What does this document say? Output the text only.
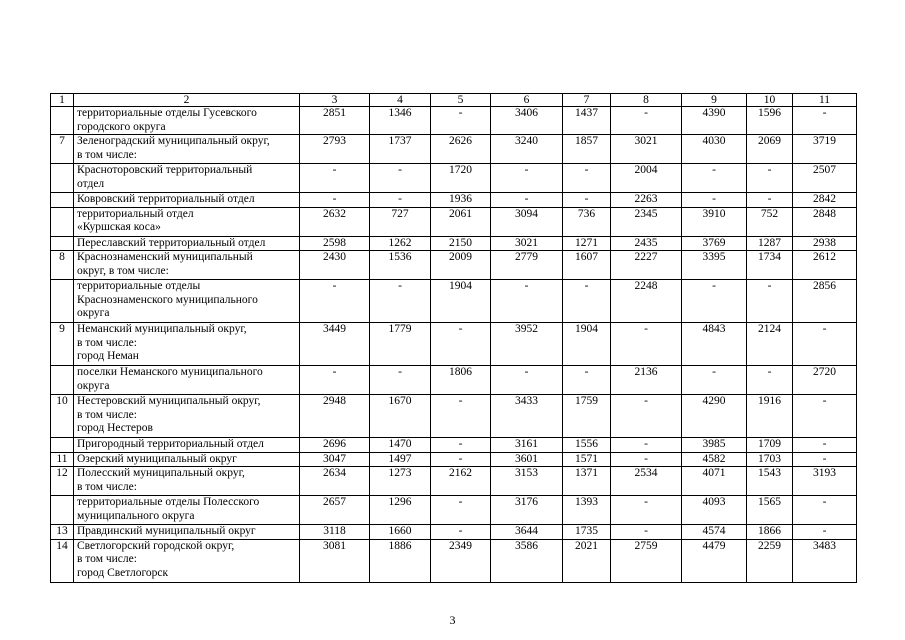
1	2	3	4	5	6	7	8	9	10	11
	территориальные отделы Гусевского
городского округа	2851	1346	-	3406	1437	-	4390	1596	-
7	Зеленоградский муниципальный округ,
в том числе:	2793	1737	2626	3240	1857	3021	4030	2069	3719
	Красноторовский территориальный
отдел	-	-	1720	-	-	2004	-	-	2507
	Ковровский территориальный отдел	-	-	1936	-	-	2263	-	-	2842
	территориальный отдел
«Куршская коса»	2632	727	2061	3094	736	2345	3910	752	2848
	Переславский территориальный отдел	2598	1262	2150	3021	1271	2435	3769	1287	2938
8	Краснознаменский муниципальный
округ, в том числе:	2430	1536	2009	2779	1607	2227	3395	1734	2612
	территориальные отделы
Краснознаменского муниципального
округа	-	-	1904	-	-	2248	-	-	2856
9	Неманский муниципальный округ,
в том числе:
город Неман	3449	1779	-	3952	1904	-	4843	2124	-
	поселки Неманского муниципального
округа	-	-	1806	-	-	2136	-	-	2720
10	Нестеровский муниципальный округ,
в том числе:
город Нестеров	2948	1670	-	3433	1759	-	4290	1916	-
	Пригородный территориальный отдел	2696	1470	-	3161	1556	-	3985	1709	-
11	Озерский муниципальный округ	3047	1497	-	3601	1571	-	4582	1703	-
12	Полесский муниципальный округ,
в том числе:	2634	1273	2162	3153	1371	2534	4071	1543	3193
	территориальные отделы Полесского
муниципального округа	2657	1296	-	3176	1393	-	4093	1565	-
13	Правдинский муниципальный округ	3118	1660	-	3644	1735	-	4574	1866	-
14	Светлогорский городской округ,
в том числе:
город Светлогорск	3081	1886	2349	3586	2021	2759	4479	2259	3483
3
